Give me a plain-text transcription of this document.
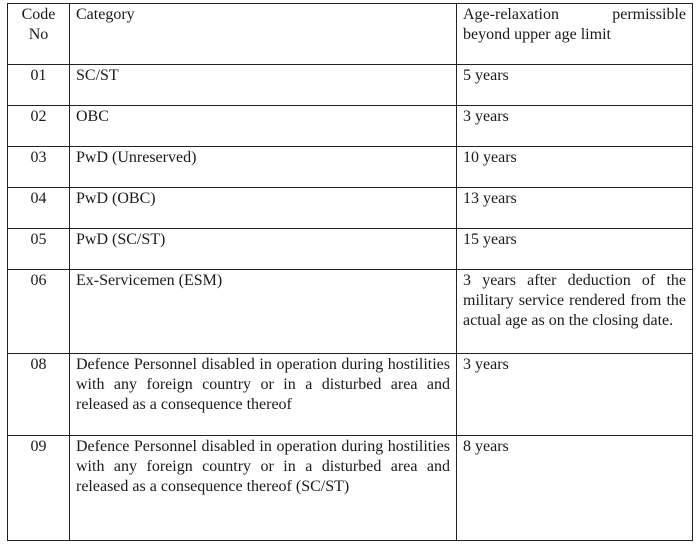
Code No	Category	Age-relaxation permissible beyond upper age limit
01	SC/ST	5 years
02	OBC	3 years
03	PwD (Unreserved)	10 years
04	PwD (OBC)	13 years
05	PwD (SC/ST)	15 years
06	Ex-Servicemen (ESM)	3 years after deduction of the military service rendered from the actual age as on the closing date.
08	Defence Personnel disabled in operation during hostilities with any foreign country or in a disturbed area and released as a consequence thereof	3 years
09	Defence Personnel disabled in operation during hostilities with any foreign country or in a disturbed area and released as a consequence thereof (SC/ST)	8 years
